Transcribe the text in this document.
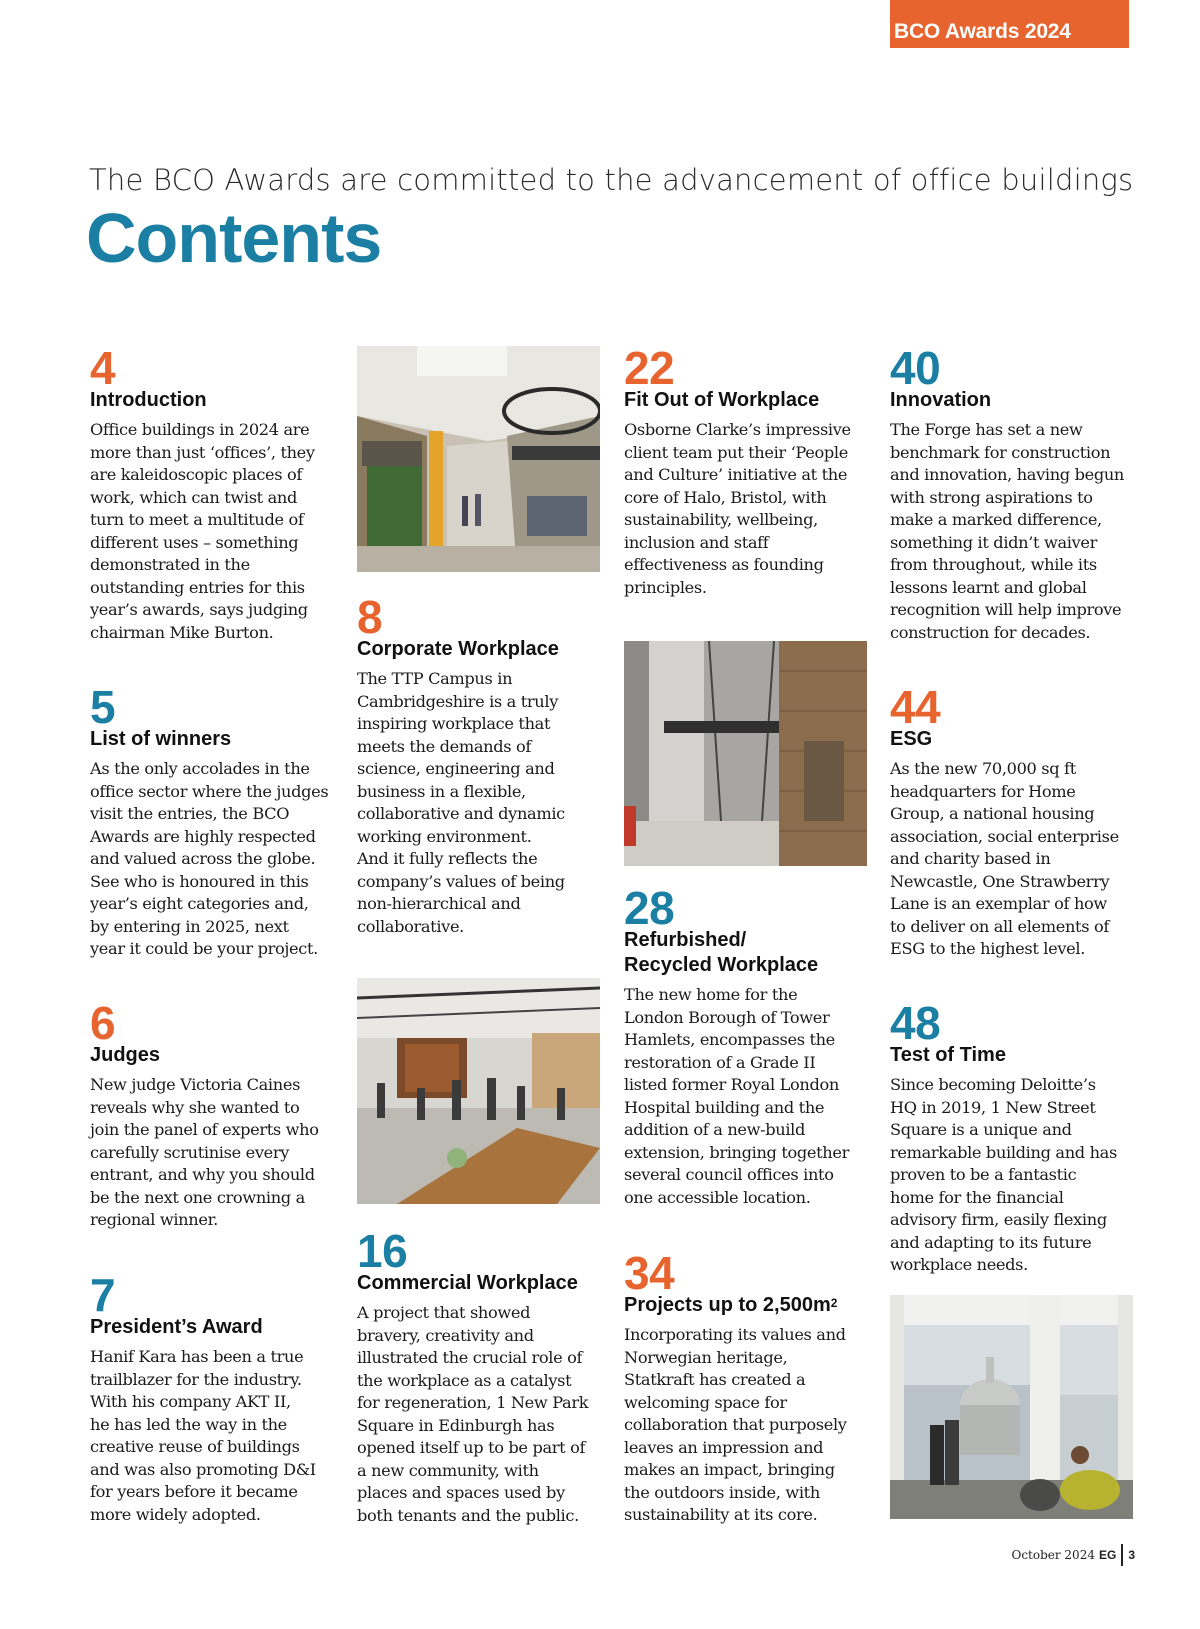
BCO Awards 2024
The BCO Awards are committed to the advancement of office buildings
Contents
4
Introduction
Office buildings in 2024 are
more than just ‘offices’, they
are kaleidoscopic places of
work, which can twist and
turn to meet a multitude of
different uses – something
demonstrated in the
outstanding entries for this
year’s awards, says judging
chairman Mike Burton.
5
List of winners
As the only accolades in the
office sector where the judges
visit the entries, the BCO
Awards are highly respected
and valued across the globe.
See who is honoured in this
year’s eight categories and,
by entering in 2025, next
year it could be your project.
6
Judges
New judge Victoria Caines
reveals why she wanted to
join the panel of experts who
carefully scrutinise every
entrant, and why you should
be the next one crowning a
regional winner.
7
President’s Award
Hanif Kara has been a true
trailblazer for the industry.
With his company AKT II,
he has led the way in the
creative reuse of buildings
and was also promoting D&I
for years before it became
more widely adopted.
8
Corporate Workplace
The TTP Campus in
Cambridgeshire is a truly
inspiring workplace that
meets the demands of
science, engineering and
business in a flexible,
collaborative and dynamic
working environment.
And it fully reflects the
company’s values of being
non-hierarchical and
collaborative.
16
Commercial Workplace
A project that showed
bravery, creativity and
illustrated the crucial role of
the workplace as a catalyst
for regeneration, 1 New Park
Square in Edinburgh has
opened itself up to be part of
a new community, with
places and spaces used by
both tenants and the public.
22
Fit Out of Workplace
Osborne Clarke’s impressive
client team put their ‘People
and Culture’ initiative at the
core of Halo, Bristol, with
sustainability, wellbeing,
inclusion and staff
effectiveness as founding
principles.
28
Refurbished/
Recycled Workplace
The new home for the
London Borough of Tower
Hamlets, encompasses the
restoration of a Grade II
listed former Royal London
Hospital building and the
addition of a new-build
extension, bringing together
several council offices into
one accessible location.
34
Projects up to $2,500m^2$
Incorporating its values and
Norwegian heritage,
Statkraft has created a
welcoming space for
collaboration that purposely
leaves an impression and
makes an impact, bringing
the outdoors inside, with
sustainability at its core.
40
Innovation
The Forge has set a new
benchmark for construction
and innovation, having begun
with strong aspirations to
make a marked difference,
something it didn’t waiver
from throughout, while its
lessons learnt and global
recognition will help improve
construction for decades.
44
ESG
As the new 70,000 sq ft
headquarters for Home
Group, a national housing
association, social enterprise
and charity based in
Newcastle, One Strawberry
Lane is an exemplar of how
to deliver on all elements of
ESG to the highest level.
48
Test of Time
Since becoming Deloitte’s
HQ in 2019, 1 New Street
Square is a unique and
remarkable building and has
proven to be a fantastic
home for the financial
advisory firm, easily flexing
and adapting to its future
workplace needs.
October 2024 EG 3
